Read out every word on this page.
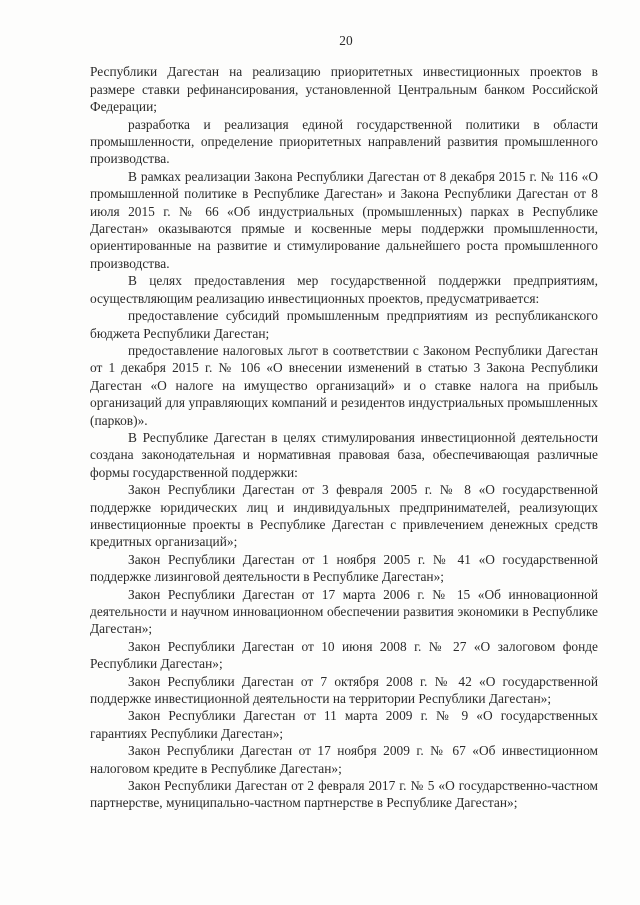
20

Республики Дагестан на реализацию приоритетных инвестиционных проектов в размере ставки рефинансирования, установленной Центральным банком Российской Федерации;

разработка и реализация единой государственной политики в области промышленности, определение приоритетных направлений развития промышленного производства.

В рамках реализации Закона Республики Дагестан от 8 декабря 2015 г. № 116 «О промышленной политике в Республике Дагестан» и Закона Республики Дагестан от 8 июля 2015 г. № 66 «Об индустриальных (промышленных) парках в Республике Дагестан» оказываются прямые и косвенные меры поддержки промышленности, ориентированные на развитие и стимулирование дальнейшего роста промышленного производства.

В целях предоставления мер государственной поддержки предприятиям, осуществляющим реализацию инвестиционных проектов, предусматривается:

предоставление субсидий промышленным предприятиям из республиканского бюджета Республики Дагестан;

предоставление налоговых льгот в соответствии с Законом Республики Дагестан от 1 декабря 2015 г. № 106 «О внесении изменений в статью 3 Закона Республики Дагестан «О налоге на имущество организаций» и о ставке налога на прибыль организаций для управляющих компаний и резидентов индустриальных промышленных (парков)».

В Республике Дагестан в целях стимулирования инвестиционной деятельности создана законодательная и нормативная правовая база, обеспечивающая различные формы государственной поддержки:

Закон Республики Дагестан от 3 февраля 2005 г. № 8 «О государственной поддержке юридических лиц и индивидуальных предпринимателей, реализующих инвестиционные проекты в Республике Дагестан с привлечением денежных средств кредитных организаций»;

Закон Республики Дагестан от 1 ноября 2005 г. № 41 «О государственной поддержке лизинговой деятельности в Республике Дагестан»;

Закон Республики Дагестан от 17 марта 2006 г. № 15 «Об инновационной деятельности и научном инновационном обеспечении развития экономики в Республике Дагестан»;

Закон Республики Дагестан от 10 июня 2008 г. № 27 «О залоговом фонде Республики Дагестан»;

Закон Республики Дагестан от 7 октября 2008 г. № 42 «О государственной поддержке инвестиционной деятельности на территории Республики Дагестан»;

Закон Республики Дагестан от 11 марта 2009 г. № 9 «О государственных гарантиях Республики Дагестан»;

Закон Республики Дагестан от 17 ноября 2009 г. № 67 «Об инвестиционном налоговом кредите в Республике Дагестан»;

Закон Республики Дагестан от 2 февраля 2017 г. № 5 «О государственно-частном партнерстве, муниципально-частном партнерстве в Республике Дагестан»;
